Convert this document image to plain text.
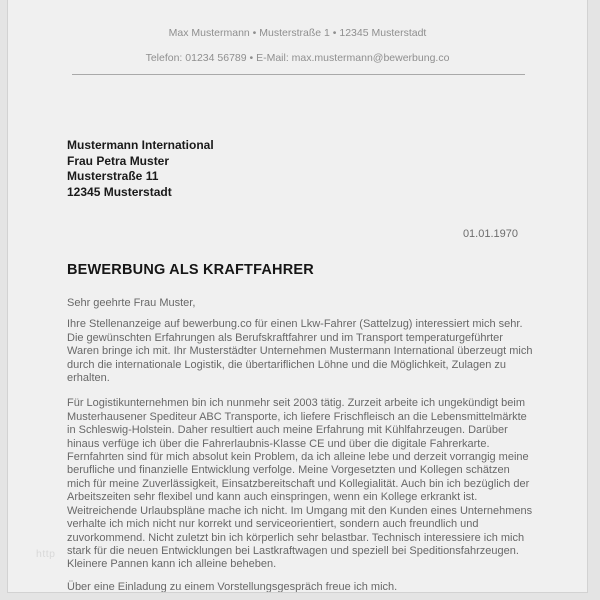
Max Mustermann • Musterstraße 1 • 12345 Musterstadt
Telefon: 01234 56789 • E-Mail: max.mustermann@bewerbung.co
Mustermann International
Frau Petra Muster
Musterstraße 11
12345 Musterstadt
01.01.1970
BEWERBUNG ALS KRAFTFAHRER

Sehr geehrte Frau Muster,

Ihre Stellenanzeige auf bewerbung.co für einen Lkw-Fahrer (Sattelzug) interessiert mich sehr. Die gewünschten Erfahrungen als Berufskraftfahrer und im Transport temperaturgeführter Waren bringe ich mit. Ihr Musterstädter Unternehmen Mustermann International überzeugt mich durch die internationale Logistik, die übertariflichen Löhne und die Möglichkeit, Zulagen zu erhalten.

Für Logistikunternehmen bin ich nunmehr seit 2003 tätig. Zurzeit arbeite ich ungekündigt beim Musterhausener Spediteur ABC Transporte, ich liefere Frischfleisch an die Lebensmittelmärkte in Schleswig-Holstein. Daher resultiert auch meine Erfahrung mit Kühlfahrzeugen. Darüber hinaus verfüge ich über die Fahrerlaubnis-Klasse CE und über die digitale Fahrerkarte. Fernfahrten sind für mich absolut kein Problem, da ich alleine lebe und derzeit vorrangig meine berufliche und finanzielle Entwicklung verfolge. Meine Vorgesetzten und Kollegen schätzen mich für meine Zuverlässigkeit, Einsatzbereitschaft und Kollegialität. Auch bin ich bezüglich der Arbeitszeiten sehr flexibel und kann auch einspringen, wenn ein Kollege erkrankt ist. Weitreichende Urlaubspläne mache ich nicht. Im Umgang mit den Kunden eines Unternehmens verhalte ich mich nicht nur korrekt und serviceorientiert, sondern auch freundlich und zuvorkommend. Nicht zuletzt bin ich körperlich sehr belastbar. Technisch interessiere ich mich stark für die neuen Entwicklungen bei Lastkraftwagen und speziell bei Speditionsfahrzeugen. Kleinere Pannen kann ich alleine beheben.

Über eine Einladung zu einem Vorstellungsgespräch freue ich mich.

http
